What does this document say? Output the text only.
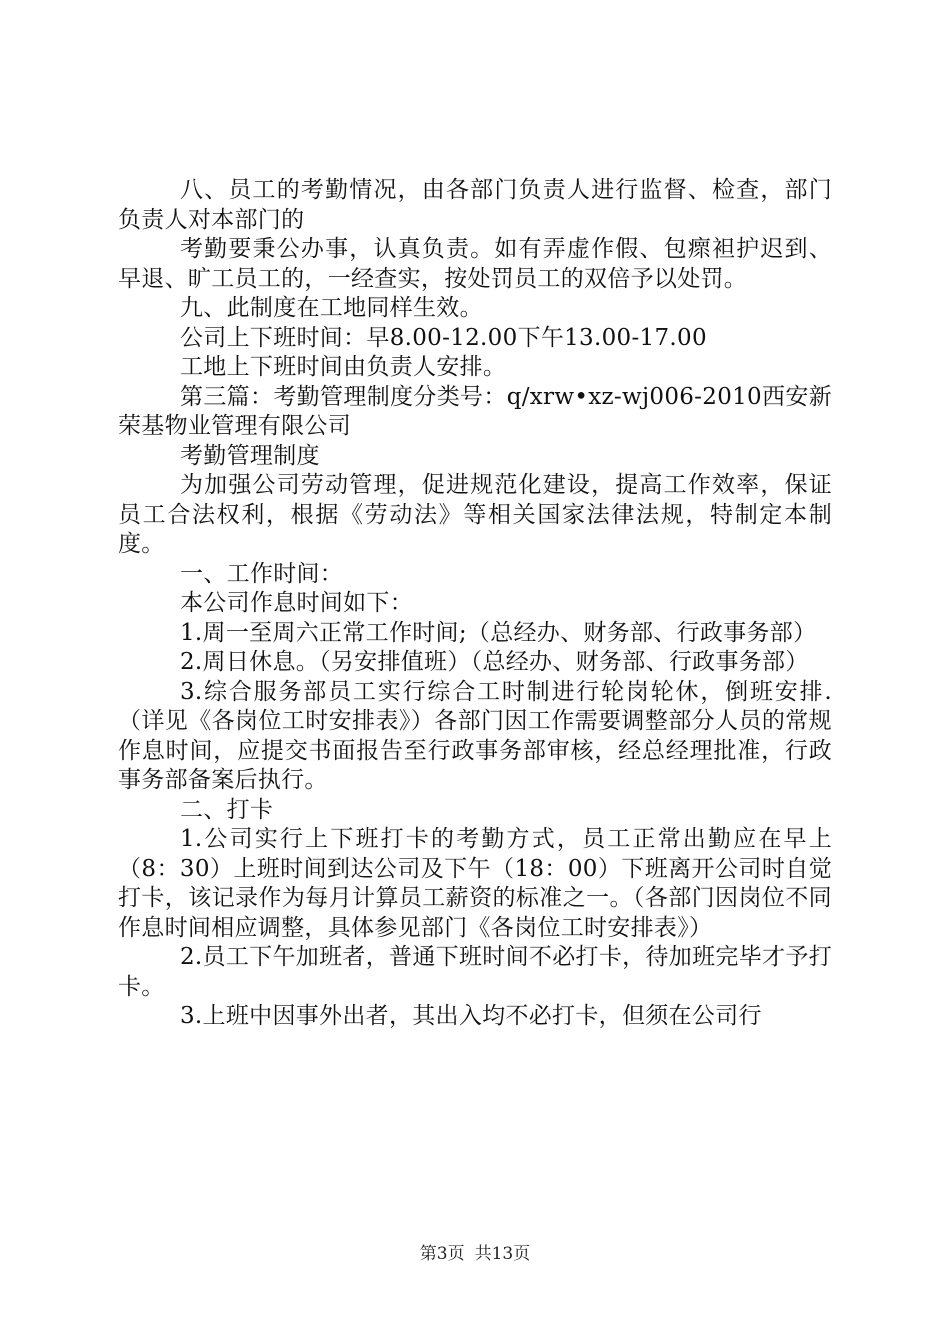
八、员工的考勤情况，由各部门负责人进行监督、检查，部门负责人对本部门的

考勤要秉公办事，认真负责。如有弄虚作假、包瘝袒护迟到、早退、旷工员工的，一经查实，按处罚员工的双倍予以处罚。

九、此制度在工地同样生效。

公司上下班时间：早8.00-12.00下午13.00-17.00

工地上下班时间由负责人安排。

第三篇：考勤管理制度分类号：q/xrw•xz-wj006-2010西安新荣基物业管理有限公司

考勤管理制度

为加强公司劳动管理，促进规范化建设，提高工作效率，保证员工合法权利，根据《劳动法》等相关国家法律法规，特制定本制度。

一、工作时间：

本公司作息时间如下：

1.周一至周六正常工作时间;（总经办、财务部、行政事务部）

2.周日休息。（另安排值班）（总经办、财务部、行政事务部）

3.综合服务部员工实行综合工时制进行轮岗轮休，倒班安排.（详见《各岗位工时安排表》）各部门因工作需要调整部分人员的常规作息时间，应提交书面报告至行政事务部审核，经总经理批准，行政事务部备案后执行。

二、打卡

1.公司实行上下班打卡的考勤方式，员工正常出勤应在早上（8：30）上班时间到达公司及下午（18：00）下班离开公司时自觉打卡，该记录作为每月计算员工薪资的标准之一。（各部门因岗位不同作息时间相应调整，具体参见部门《各岗位工时安排表》）

2.员工下午加班者，普通下班时间不必打卡，待加班完毕才予打卡。

3.上班中因事外出者，其出入均不必打卡，但须在公司行

第3页 共13页
